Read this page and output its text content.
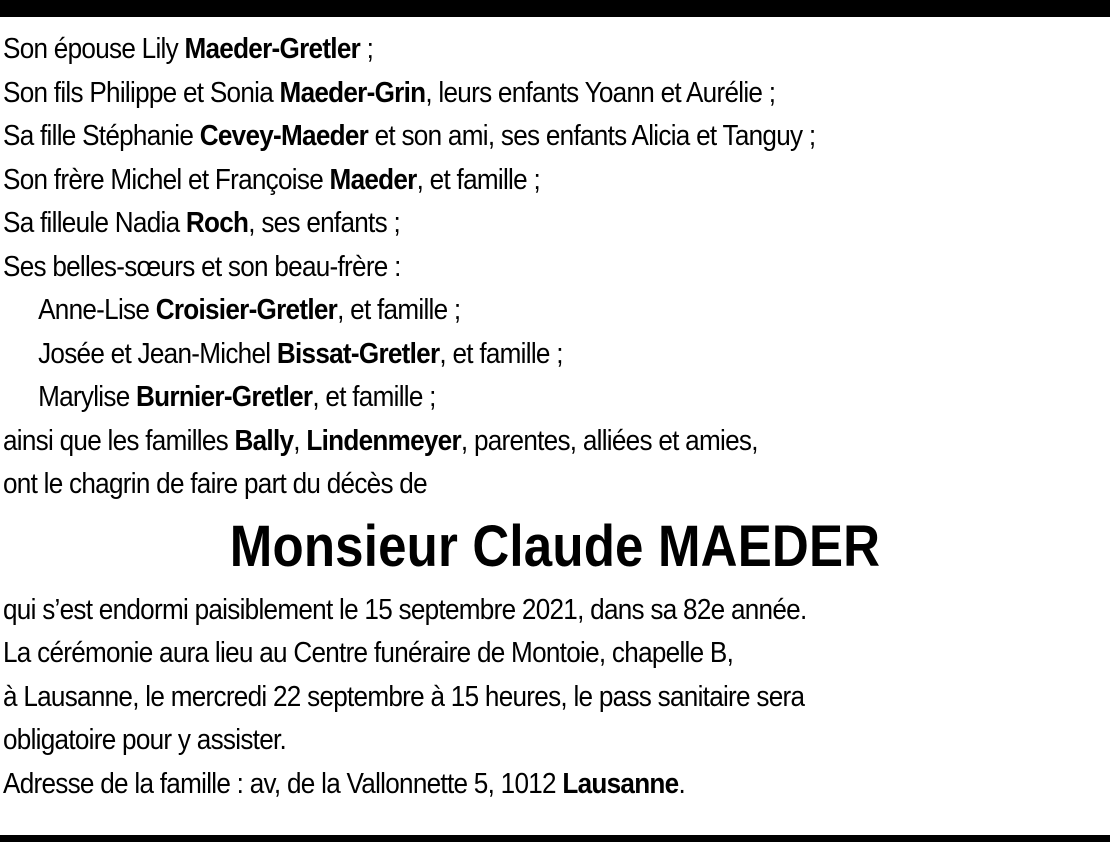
Son épouse Lily Maeder-Gretler ;
Son fils Philippe et Sonia Maeder-Grin, leurs enfants Yoann et Aurélie ;
Sa fille Stéphanie Cevey-Maeder et son ami, ses enfants Alicia et Tanguy ;
Son frère Michel et Françoise Maeder, et famille ;
Sa filleule Nadia Roch, ses enfants ;
Ses belles-sœurs et son beau-frère :
Anne-Lise Croisier-Gretler, et famille ;
Josée et Jean-Michel Bissat-Gretler, et famille ;
Marylise Burnier-Gretler, et famille ;
ainsi que les familles Bally, Lindenmeyer, parentes, alliées et amies,
ont le chagrin de faire part du décès de
Monsieur Claude MAEDER
qui s’est endormi paisiblement le 15 septembre 2021, dans sa 82e année.
La cérémonie aura lieu au Centre funéraire de Montoie, chapelle B,
à Lausanne, le mercredi 22 septembre à 15 heures, le pass sanitaire sera
obligatoire pour y assister.
Adresse de la famille : av, de la Vallonnette 5, 1012 Lausanne.
